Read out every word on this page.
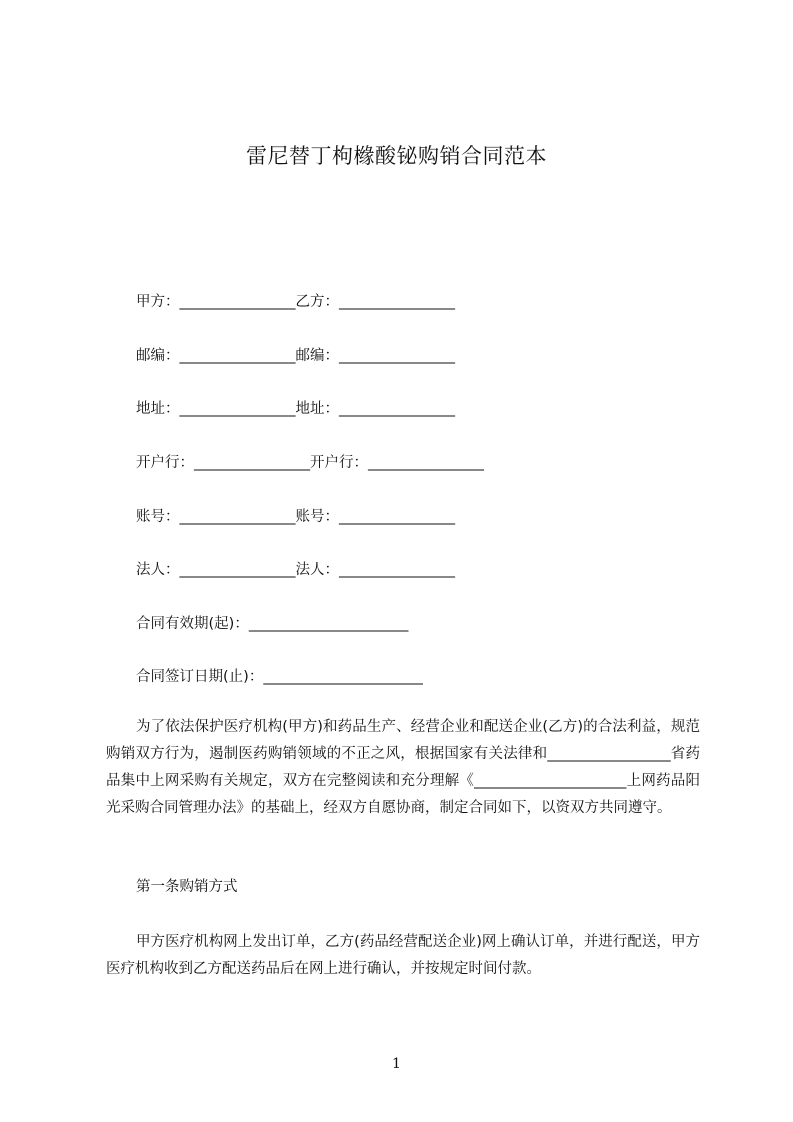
雷尼替丁枸橼酸铋购销合同范本
甲方：________________乙方：________________
邮编：________________邮编：________________
地址：________________地址：________________
开户行：________________开户行：________________
账号：________________账号：________________
法人：________________法人：________________
合同有效期(起)：______________________
合同签订日期(止)：______________________
为了依法保护医疗机构(甲方)和药品生产、经营企业和配送企业(乙方)的合法利益，规范购销双方行为，遏制医药购销领域的不正之风，根据国家有关法律和_________________省药品集中上网采购有关规定，双方在完整阅读和充分理解《_____________________上网药品阳光采购合同管理办法》的基础上，经双方自愿协商，制定合同如下，以资双方共同遵守。
第一条购销方式
甲方医疗机构网上发出订单，乙方(药品经营配送企业)网上确认订单，并进行配送，甲方医疗机构收到乙方配送药品后在网上进行确认，并按规定时间付款。
1
